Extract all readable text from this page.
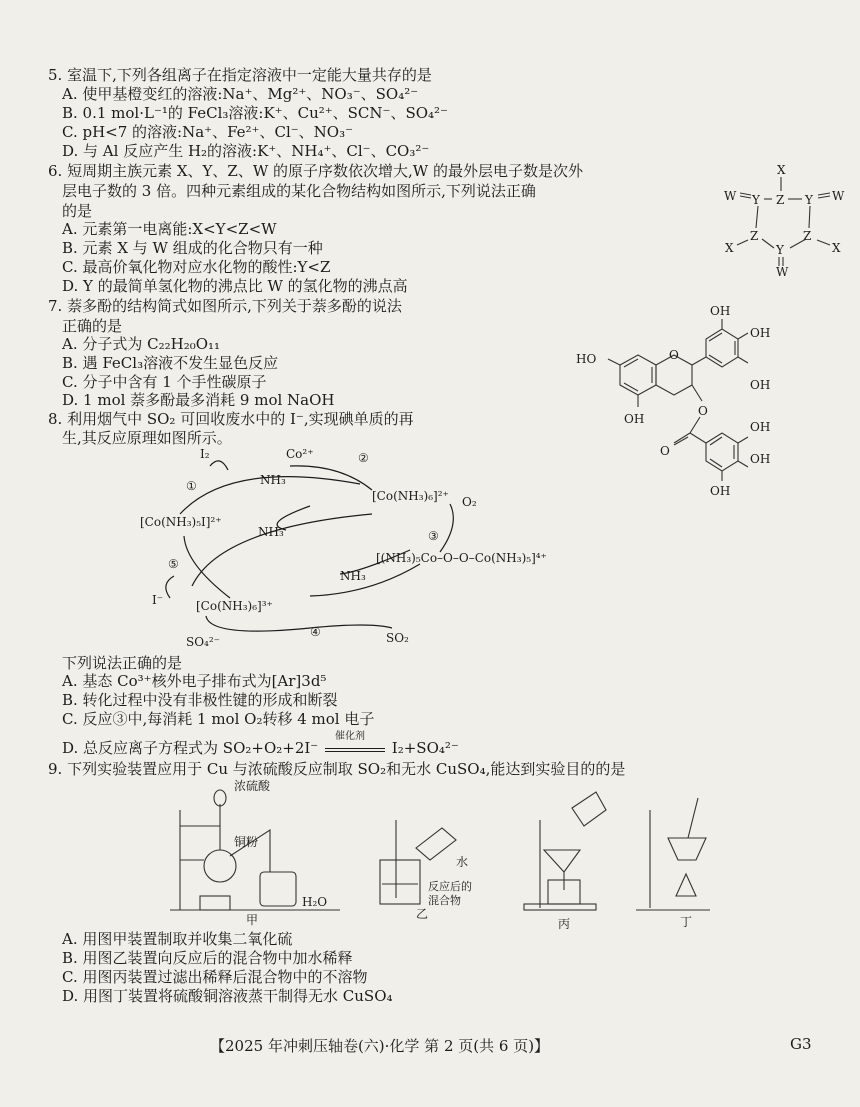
5. 室温下,下列各组离子在指定溶液中一定能大量共存的是
A. 使甲基橙变红的溶液:Na⁺、Mg²⁺、NO₃⁻、SO₄²⁻
B. 0.1 mol·L⁻¹的 FeCl₃溶液:K⁺、Cu²⁺、SCN⁻、SO₄²⁻
C. pH<7 的溶液:Na⁺、Fe²⁺、Cl⁻、NO₃⁻
D. 与 Al 反应产生 H₂的溶液:K⁺、NH₄⁺、Cl⁻、CO₃²⁻
6. 短周期主族元素 X、Y、Z、W 的原子序数依次增大,W 的最外层电子数是次外
层电子数的 3 倍。四种元素组成的某化合物结构如图所示,下列说法正确
的是
A. 元素第一电离能:X<Y<Z<W
B. 元素 X 与 W 组成的化合物只有一种
C. 最高价氧化物对应水化物的酸性:Y<Z
D. Y 的最简单氢化物的沸点比 W 的氢化物的沸点高
X
Z Y
Y
W	W
Z	Z
Y
X	X
W
7. 萘多酚的结构简式如图所示,下列关于萘多酚的说法
正确的是
A. 分子式为 C₂₂H₂₀O₁₁
B. 遇 FeCl₃溶液不发生显色反应
C. 分子中含有 1 个手性碳原子
D. 1 mol 萘多酚最多消耗 9 mol NaOH
O
HO
OH
OH
OH
OH
O
O
OH
OH
OH
8. 利用烟气中 SO₂ 可回收废水中的 I⁻,实现碘单质的再
生,其反应原理如图所示。
I₂	Co²⁺
NH₃
①
②
[Co(NH₃)₆]²⁺ O₂
[Co(NH₃)₅I]²⁺
NH₃
⑤
③
NH₃
[(NH₃)₅Co–O–O–Co(NH₃)₅]⁴⁺
I⁻	[Co(NH₃)₆]³⁺
SO₄²⁻
④	SO₂
下列说法正确的是
A. 基态 Co³⁺核外电子排布式为[Ar]3d⁵
B. 转化过程中没有非极性键的形成和断裂
C. 反应③中,每消耗 1 mol O₂转移 4 mol 电子
D. 总反应离子方程式为 SO₂+O₂+2I⁻
催化剂
I₂+SO₄²⁻
9. 下列实验装置应用于 Cu 与浓硫酸反应制取 SO₂和无水 CuSO₄,能达到实验目的的是
浓硫酸
铜粉
H₂O
甲
水
反应后的
混合物
乙
丙	丁
A. 用图甲装置制取并收集二氧化硫
B. 用图乙装置向反应后的混合物中加水稀释
C. 用图丙装置过滤出稀释后混合物中的不溶物
D. 用图丁装置将硫酸铜溶液蒸干制得无水 CuSO₄
【2025 年冲刺压轴卷(六)·化学 第 2 页(共 6 页)】	G3
